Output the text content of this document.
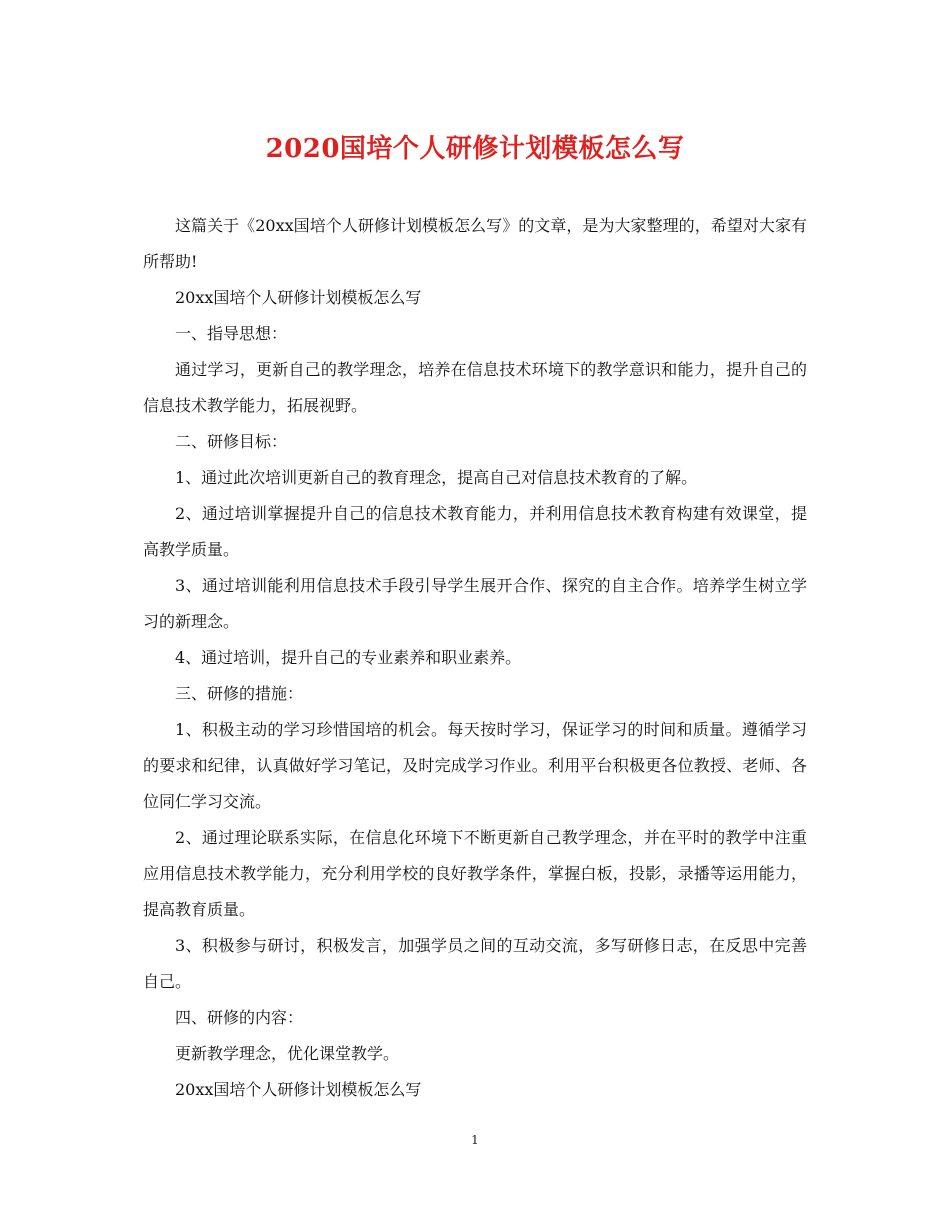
2020国培个人研修计划模板怎么写

这篇关于《20xx国培个人研修计划模板怎么写》的文章，是为大家整理的，希望对大家有所帮助!

20xx国培个人研修计划模板怎么写

一、指导思想：

通过学习，更新自己的教学理念，培养在信息技术环境下的教学意识和能力，提升自己的信息技术教学能力，拓展视野。

二、研修目标：

1、通过此次培训更新自己的教育理念，提高自己对信息技术教育的了解。

2、通过培训掌握提升自己的信息技术教育能力，并利用信息技术教育构建有效课堂，提高教学质量。

3、通过培训能利用信息技术手段引导学生展开合作、探究的自主合作。培养学生树立学习的新理念。

4、通过培训，提升自己的专业素养和职业素养。

三、研修的措施：

1、积极主动的学习珍惜国培的机会。每天按时学习，保证学习的时间和质量。遵循学习的要求和纪律，认真做好学习笔记，及时完成学习作业。利用平台积极更各位教授、老师、各位同仁学习交流。

2、通过理论联系实际，在信息化环境下不断更新自己教学理念，并在平时的教学中注重应用信息技术教学能力，充分利用学校的良好教学条件，掌握白板，投影，录播等运用能力，提高教育质量。

3、积极参与研讨，积极发言，加强学员之间的互动交流，多写研修日志，在反思中完善自己。

四、研修的内容：

更新教学理念，优化课堂教学。

20xx国培个人研修计划模板怎么写

1
